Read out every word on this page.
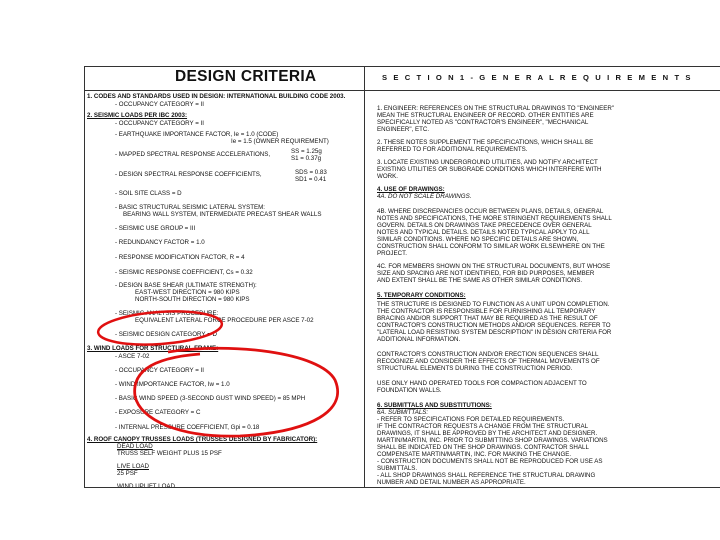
DESIGN CRITERIA	S E C T I O N 1 - G E N E R A L R E Q U I R E M E N T S
1. CODES AND STANDARDS USED IN DESIGN: INTERNATIONAL BUILDING CODE 2003.
- OCCUPANCY CATEGORY = II
2. SEISMIC LOADS PER IBC 2003:
- OCCUPANCY CATEGORY = II
- EARTHQUAKE IMPORTANCE FACTOR, Ie = 1.0 (CODE)
Ie = 1.5 (OWNER REQUIREMENT)
- MAPPED SPECTRAL RESPONSE ACCELERATIONS,	SS = 1.25g
S1 = 0.37g
- DESIGN SPECTRAL RESPONSE COEFFICIENTS,	SDS = 0.83
SD1 = 0.41
- SOIL SITE CLASS = D
- BASIC STRUCTURAL SEISMIC LATERAL SYSTEM:
BEARING WALL SYSTEM, INTERMEDIATE PRECAST SHEAR WALLS
- SEISMIC USE GROUP = III
- REDUNDANCY FACTOR = 1.0
- RESPONSE MODIFICATION FACTOR, R = 4
- SEISMIC RESPONSE COEFFICIENT, Cs = 0.32
- DESIGN BASE SHEAR (ULTIMATE STRENGTH):
EAST-WEST DIRECTION = 980 KIPS
NORTH-SOUTH DIRECTION = 980 KIPS
- SEISMIC ANALYSIS PROCEDURE:
EQUIVALENT LATERAL FORCE PROCEDURE PER ASCE 7-02
- SEISMIC DESIGN CATEGORY = D
3. WIND LOADS FOR STRUCTURAL FRAME:
- ASCE 7-02
- OCCUPANCY CATEGORY = II
- WIND IMPORTANCE FACTOR, Iw = 1.0
- BASIC WIND SPEED (3-SECOND GUST WIND SPEED) = 85 MPH
- EXPOSURE CATEGORY = C
- INTERNAL PRESSURE COEFFICIENT, Gpi = 0.18
4. ROOF CANOPY TRUSSES LOADS (TRUSSES DESIGNED BY FABRICATOR):
DEAD LOAD
TRUSS SELF WEIGHT PLUS 15 PSF
LIVE LOAD
25 PSF
WIND UPLIFT LOAD
1. ENGINEER: REFERENCES ON THE STRUCTURAL DRAWINGS TO "ENGINEER"
MEAN THE STRUCTURAL ENGINEER OF RECORD. OTHER ENTITIES ARE
SPECIFICALLY NOTED AS "CONTRACTOR'S ENGINEER", "MECHANICAL
ENGINEER", ETC.
2. THESE NOTES SUPPLEMENT THE SPECIFICATIONS, WHICH SHALL BE
REFERRED TO FOR ADDITIONAL REQUIREMENTS.
3. LOCATE EXISTING UNDERGROUND UTILITIES, AND NOTIFY ARCHITECT
EXISTING UTILITIES OR SUBGRADE CONDITIONS WHICH INTERFERE WITH
WORK.
4. USE OF DRAWINGS:
4A. DO NOT SCALE DRAWINGS.
4B. WHERE DISCREPANCIES OCCUR BETWEEN PLANS, DETAILS, GENERAL
NOTES AND SPECIFICATIONS, THE MORE STRINGENT REQUIREMENTS SHALL
GOVERN. DETAILS ON DRAWINGS TAKE PRECEDENCE OVER GENERAL
NOTES AND TYPICAL DETAILS. DETAILS NOTED TYPICAL APPLY TO ALL
SIMILAR CONDITIONS. WHERE NO SPECIFIC DETAILS ARE SHOWN,
CONSTRUCTION SHALL CONFORM TO SIMILAR WORK ELSEWHERE ON THE
PROJECT.
4C. FOR MEMBERS SHOWN ON THE STRUCTURAL DOCUMENTS, BUT WHOSE
SIZE AND SPACING ARE NOT IDENTIFIED, FOR BID PURPOSES, MEMBER
AND EXTENT SHALL BE THE SAME AS OTHER SIMILAR CONDITIONS.
5. TEMPORARY CONDITIONS:
THE STRUCTURE IS DESIGNED TO FUNCTION AS A UNIT UPON COMPLETION.
THE CONTRACTOR IS RESPONSIBLE FOR FURNISHING ALL TEMPORARY
BRACING AND/OR SUPPORT THAT MAY BE REQUIRED AS THE RESULT OF
CONTRACTOR'S CONSTRUCTION METHODS AND/OR SEQUENCES. REFER TO
"LATERAL LOAD RESISTING SYSTEM DESCRIPTION" IN DESIGN CRITERIA FOR
ADDITIONAL INFORMATION.
CONTRACTOR'S CONSTRUCTION AND/OR ERECTION SEQUENCES SHALL
RECOGNIZE AND CONSIDER THE EFFECTS OF THERMAL MOVEMENTS OF
STRUCTURAL ELEMENTS DURING THE CONSTRUCTION PERIOD.
USE ONLY HAND OPERATED TOOLS FOR COMPACTION ADJACENT TO
FOUNDATION WALLS.
6. SUBMITTALS AND SUBSTITUTIONS:
6A. SUBMITTALS:
- REFER TO SPECIFICATIONS FOR DETAILED REQUIREMENTS.
IF THE CONTRACTOR REQUESTS A CHANGE FROM THE STRUCTURAL
DRAWINGS, IT SHALL BE APPROVED BY THE ARCHITECT AND DESIGNER.
MARTIN/MARTIN, INC. PRIOR TO SUBMITTING SHOP DRAWINGS. VARIATIONS
SHALL BE INDICATED ON THE SHOP DRAWINGS. CONTRACTOR SHALL
COMPENSATE MARTIN/MARTIN, INC. FOR MAKING THE CHANGE.
- CONSTRUCTION DOCUMENTS SHALL NOT BE REPRODUCED FOR USE AS
SUBMITTALS.
- ALL SHOP DRAWINGS SHALL REFERENCE THE STRUCTURAL DRAWING
NUMBER AND DETAIL NUMBER AS APPROPRIATE.
